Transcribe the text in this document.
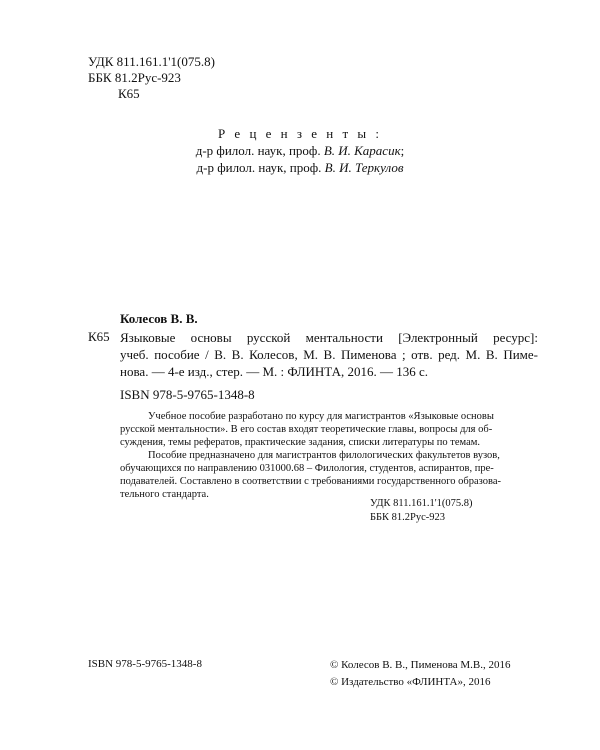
УДК 811.161.1'1(075.8)
ББК 81.2Рус-923
К65
Р е ц е н з е н т ы :
д-р филол. наук, проф. В. И. Карасик;
д-р филол. наук, проф. В. И. Теркулов
Колесов В. В.
К65 Языковые основы русской ментальности [Электронный ресурс]:
учеб. пособие / В. В. Колесов, М. В. Пименова ; отв. ред. М. В. Пиме-
нова. — 4-е изд., стер. — М. : ФЛИНТА, 2016. — 136 с.
ISBN 978-5-9765-1348-8

Учебное пособие разработано по курсу для магистрантов «Языковые основы
русской ментальности». В его состав входят теоретические главы, вопросы для об-
суждения, темы рефератов, практические задания, списки литературы по темам.

Пособие предназначено для магистрантов филологических факультетов вузов,
обучающихся по направлению 031000.68 – Филология, студентов, аспирантов, пре-
подавателей. Составлено в соответствии с требованиями государственного образова-
тельного стандарта.

УДК 811.161.1'1(075.8)
ББК 81.2Рус-923
ISBN 978-5-9765-1348-8	© Колесов В. В., Пименова М.В., 2016
© Издательство «ФЛИНТА», 2016
